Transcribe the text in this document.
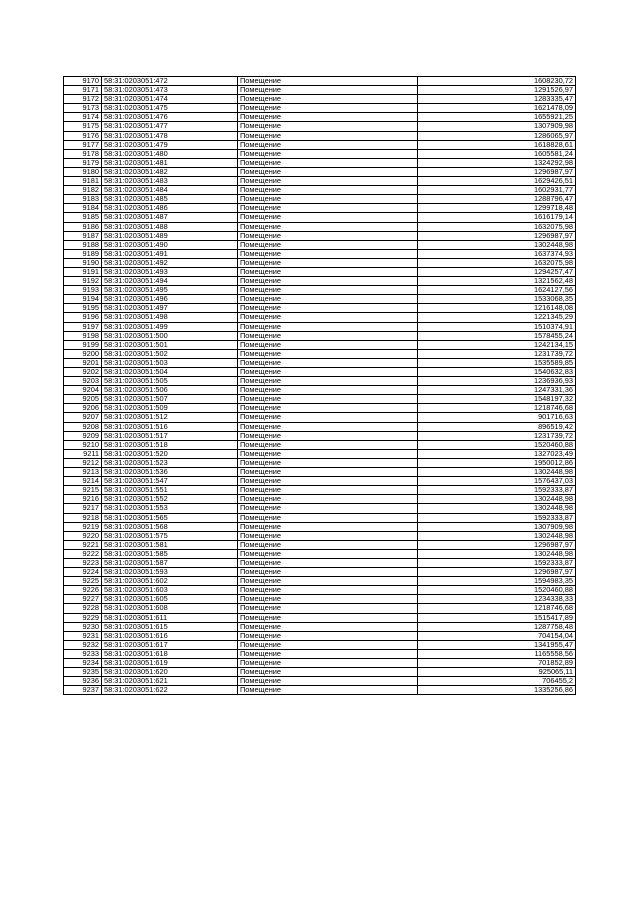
9170	58:31:0203051:472	Помещение	1608230,72
9171	58:31:0203051:473	Помещение	1291526,97
9172	58:31:0203051:474	Помещение	1283335,47
9173	58:31:0203051:475	Помещение	1621478,09
9174	58:31:0203051:476	Помещение	1655921,25
9175	58:31:0203051:477	Помещение	1307909,98
9176	58:31:0203051:478	Помещение	1286065,97
9177	58:31:0203051:479	Помещение	1618828,61
9178	58:31:0203051:480	Помещение	1605581,24
9179	58:31:0203051:481	Помещение	1324292,98
9180	58:31:0203051:482	Помещение	1296987,97
9181	58:31:0203051:483	Помещение	1629426,51
9182	58:31:0203051:484	Помещение	1602931,77
9183	58:31:0203051:485	Помещение	1288796,47
9184	58:31:0203051:486	Помещение	1299718,48
9185	58:31:0203051:487	Помещение	1616179,14
9186	58:31:0203051:488	Помещение	1632075,98
9187	58:31:0203051:489	Помещение	1296987,97
9188	58:31:0203051:490	Помещение	1302448,98
9189	58:31:0203051:491	Помещение	1637374,93
9190	58:31:0203051:492	Помещение	1632075,98
9191	58:31:0203051:493	Помещение	1294257,47
9192	58:31:0203051:494	Помещение	1321562,48
9193	58:31:0203051:495	Помещение	1624127,56
9194	58:31:0203051:496	Помещение	1533068,35
9195	58:31:0203051:497	Помещение	1216148,08
9196	58:31:0203051:498	Помещение	1221345,29
9197	58:31:0203051:499	Помещение	1510374,91
9198	58:31:0203051:500	Помещение	1578455,24
9199	58:31:0203051:501	Помещение	1242134,15
9200	58:31:0203051:502	Помещение	1231739,72
9201	58:31:0203051:503	Помещение	1535589,85
9202	58:31:0203051:504	Помещение	1540632,83
9203	58:31:0203051:505	Помещение	1236936,93
9204	58:31:0203051:506	Помещение	1247331,36
9205	58:31:0203051:507	Помещение	1548197,32
9206	58:31:0203051:509	Помещение	1218746,68
9207	58:31:0203051:512	Помещение	901716,63
9208	58:31:0203051:516	Помещение	896519,42
9209	58:31:0203051:517	Помещение	1231739,72
9210	58:31:0203051:518	Помещение	1520460,88
9211	58:31:0203051:520	Помещение	1327023,49
9212	58:31:0203051:523	Помещение	1950012,86
9213	58:31:0203051:536	Помещение	1302448,98
9214	58:31:0203051:547	Помещение	1576437,03
9215	58:31:0203051:551	Помещение	1592333,87
9216	58:31:0203051:552	Помещение	1302448,98
9217	58:31:0203051:553	Помещение	1302448,98
9218	58:31:0203051:565	Помещение	1592333,87
9219	58:31:0203051:568	Помещение	1307909,98
9220	58:31:0203051:575	Помещение	1302448,98
9221	58:31:0203051:581	Помещение	1296987,97
9222	58:31:0203051:585	Помещение	1302448,98
9223	58:31:0203051:587	Помещение	1592333,87
9224	58:31:0203051:593	Помещение	1296987,97
9225	58:31:0203051:602	Помещение	1594983,35
9226	58:31:0203051:603	Помещение	1520460,88
9227	58:31:0203051:605	Помещение	1234338,33
9228	58:31:0203051:608	Помещение	1218746,68
9229	58:31:0203051:611	Помещение	1515417,89
9230	58:31:0203051:615	Помещение	1287758,48
9231	58:31:0203051:616	Помещение	704154,04
9232	58:31:0203051:617	Помещение	1341955,47
9233	58:31:0203051:618	Помещение	1165558,56
9234	58:31:0203051:619	Помещение	701852,89
9235	58:31:0203051:620	Помещение	925065,11
9236	58:31:0203051:621	Помещение	706455,2
9237	58:31:0203051:622	Помещение	1335256,86
